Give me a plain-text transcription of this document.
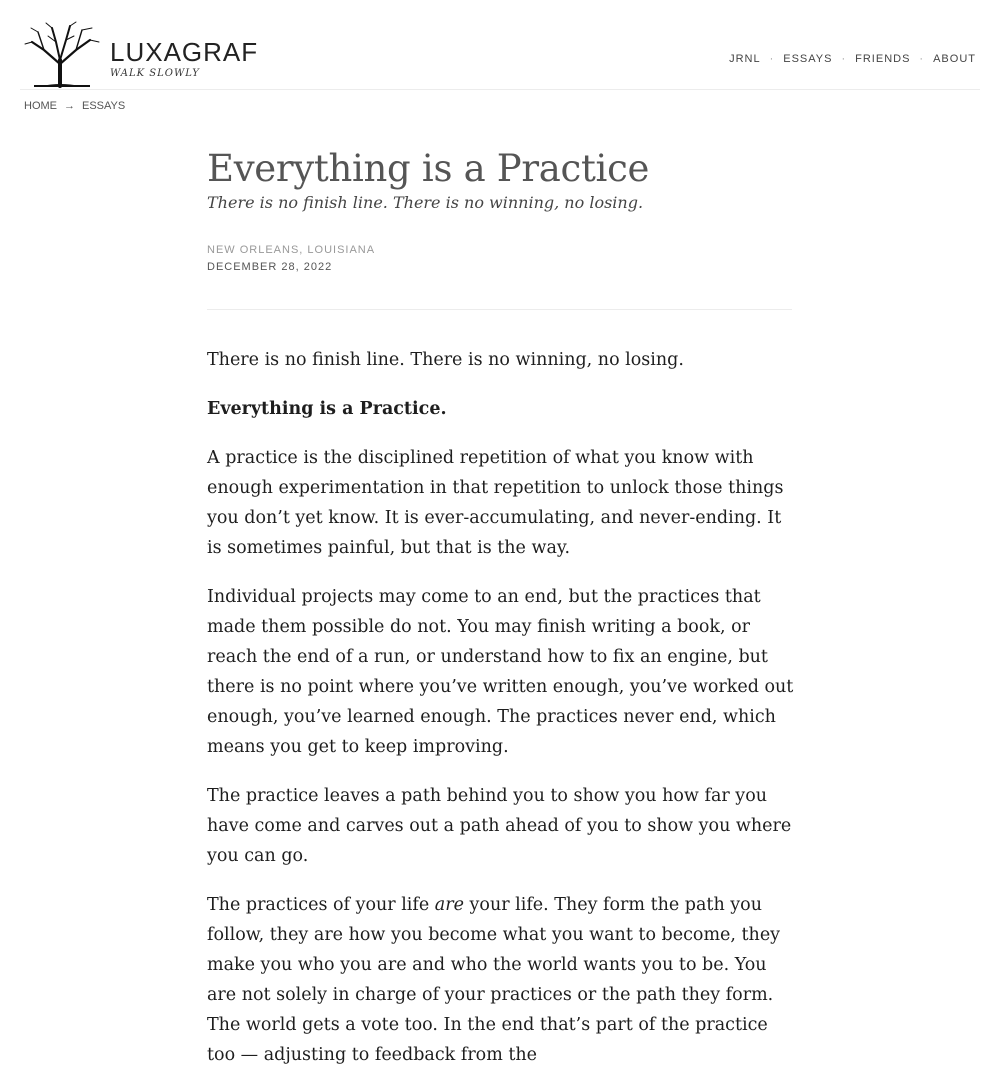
LUXAGRAF
WALK SLOWLY
JRNL · ESSAYS · FRIENDS · ABOUT
HOME → ESSAYS
Everything is a Practice

There is no finish line. There is no winning, no losing.

NEW ORLEANS, LOUISIANA
DECEMBER 28, 2022

There is no finish line. There is no winning, no losing.

Everything is a Practice.

A practice is the disciplined repetition of what you know with enough experimentation in that repetition to unlock those things you don’t yet know. It is ever-accumulating, and never-ending. It is sometimes painful, but that is the way.

Individual projects may come to an end, but the practices that made them possible do not. You may finish writing a book, or reach the end of a run, or understand how to fix an engine, but there is no point where you’ve written enough, you’ve worked out enough, you’ve learned enough. The practices never end, which means you get to keep improving.

The practice leaves a path behind you to show you how far you have come and carves out a path ahead of you to show you where you can go.

The practices of your life are your life. They form the path you follow, they are how you become what you want to become, they make you who you are and who the world wants you to be. You are not solely in charge of your practices or the path they form. The world gets a vote too. In the end that’s part of the practice too — adjusting to feedback from the
